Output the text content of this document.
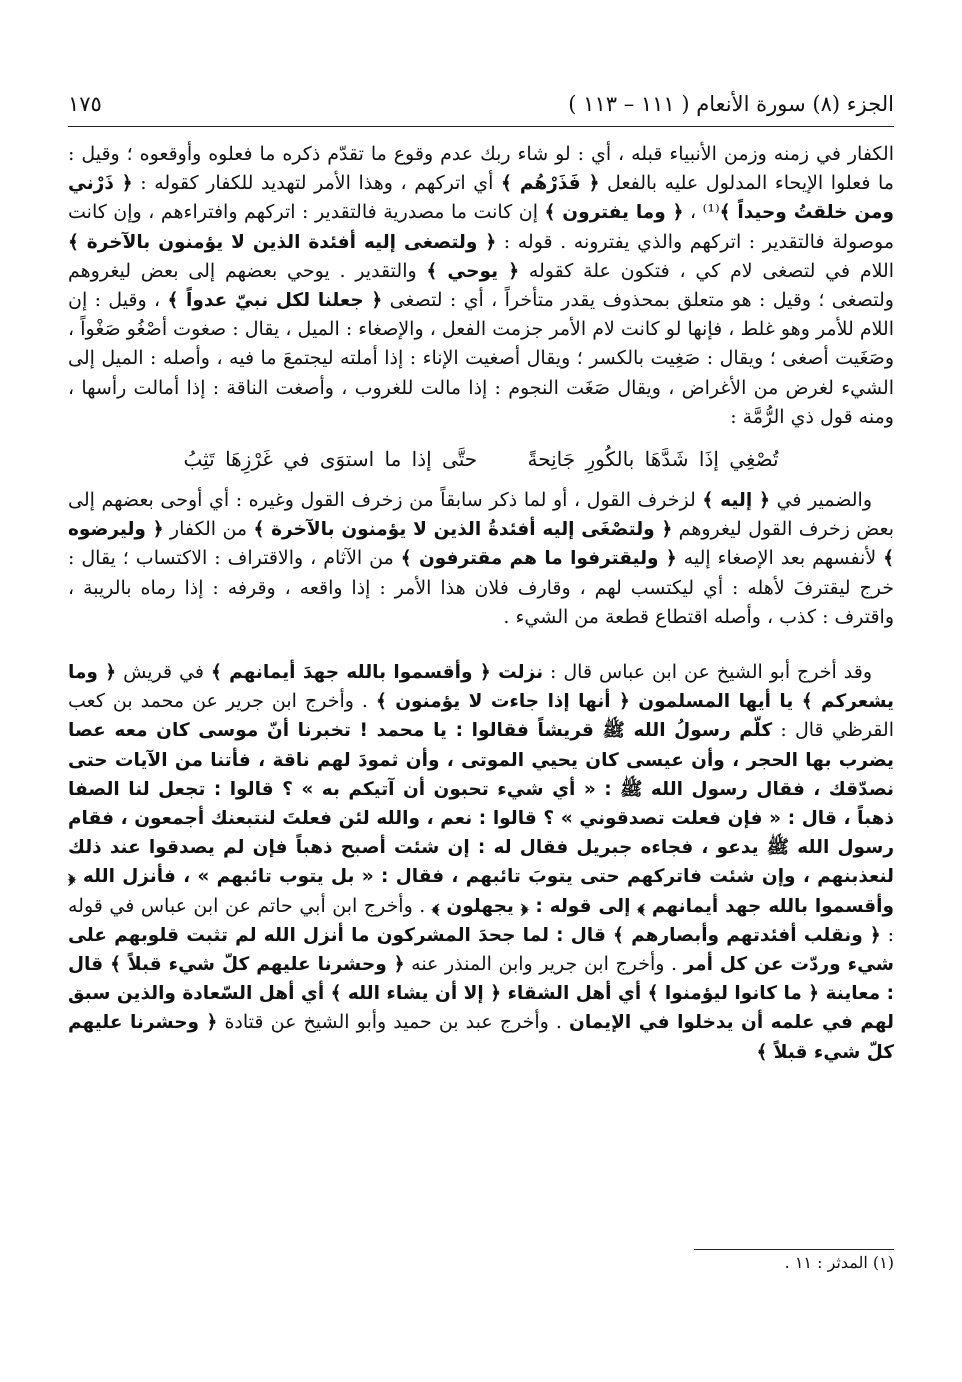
الجزء (٨) سورة الأنعام ( ١١١ – ١١٣ )
١٧٥

الكفار في زمنه وزمن الأنبياء قبله ، أي : لو شاء ربك عدم وقوع ما تقدّم ذكره ما فعلوه وأوقعوه ؛ وقيل : ما فعلوا الإيحاء المدلول عليه بالفعل ﴿ فَذَرْهُم ﴾ أي اتركهم ، وهذا الأمر لتهديد للكفار كقوله : ﴿ ذَرْني ومن خلقتُ وحيداً ﴾⁽¹⁾ ، ﴿ وما يفترون ﴾ إن كانت ما مصدرية فالتقدير : اتركهم وافتراءهم ، وإن كانت موصولة فالتقدير : اتركهم والذي يفترونه . قوله : ﴿ ولتصغى إليه أفئدة الذين لا يؤمنون بالآخرة ﴾ اللام في لتصغى لام كي ، فتكون علة كقوله ﴿ يوحي ﴾ والتقدير . يوحي بعضهم إلى بعض ليغروهم ولتصغى ؛ وقيل : هو متعلق بمحذوف يقدر متأخراً ، أي : لتصغى ﴿ جعلنا لكل نبيّ عدواً ﴾ ، وقيل : إن اللام للأمر وهو غلط ، فإنها لو كانت لام الأمر جزمت الفعل ، والإصغاء : الميل ، يقال : صغوت أصْغُو صَغْواً ، وصَغَيت أصغى ؛ ويقال : صَغِيت بالكسر ؛ ويقال أصغيت الإناء : إذا أملته ليجتمعَ ما فيه ، وأصله : الميل إلى الشيء لغرض من الأغراض ، ويقال صَغَت النجوم : إذا مالت للغروب ، وأصغت الناقة : إذا أمالت رأسها ، ومنه قول ذي الرُّمَّة :

تُصْغِي إذَا شَدَّهَا بالكُورِ جَانِحةً حتَّى إذا ما استوَى في غَرْزِهَا تَثِبُ

والضمير في ﴿ إليه ﴾ لزخرف القول ، أو لما ذكر سابقاً من زخرف القول وغيره : أي أوحى بعضهم إلى بعض زخرف القول ليغروهم ﴿ ولتصْغَى إليه أفئدةُ الذين لا يؤمنون بالآخرة ﴾ من الكفار ﴿ وليرضوه ﴾ لأنفسهم بعد الإصغاء إليه ﴿ وليقترفوا ما هم مقترفون ﴾ من الآثام ، والاقتراف : الاكتساب ؛ يقال : خرج ليقترفَ لأهله : أي ليكتسب لهم ، وقارف فلان هذا الأمر : إذا واقعه ، وقرفه : إذا رماه بالريبة ، واقترف : كذب ، وأصله اقتطاع قطعة من الشيء .

وقد أخرج أبو الشيخ عن ابن عباس قال : نزلت ﴿ وأقسموا بالله جهدَ أيمانهم ﴾ في قريش ﴿ وما يشعركم ﴾ يا أيها المسلمون ﴿ أنها إذا جاءت لا يؤمنون ﴾ . وأخرج ابن جرير عن محمد بن كعب القرظي قال : كلّم رسولُ الله ﷺ قريشاً فقالوا : يا محمد ! تخبرنا أنّ موسى كان معه عصا يضرب بها الحجر ، وأن عيسى كان يحيي الموتى ، وأن ثمودَ لهم ناقة ، فأتنا من الآيات حتى نصدّقك ، فقال رسول الله ﷺ : « أي شيء تحبون أن آتيكم به » ؟ قالوا : تجعل لنا الصفا ذهباً ، قال : « فإن فعلت تصدقوني » ؟ قالوا : نعم ، والله لئن فعلتَ لنتبعنك أجمعون ، فقام رسول الله ﷺ يدعو ، فجاءه جبريل فقال له : إن شئت أصبح ذهباً فإن لم يصدقوا عند ذلك لنعذبنهم ، وإن شئت فاتركهم حتى يتوبَ تائبهم ، فقال : « بل يتوب تائبهم » ، فأنزل الله ﴿ وأقسموا بالله جهد أيمانهم ﴾ إلى قوله : ﴿ يجهلون ﴾ . وأخرج ابن أبي حاتم عن ابن عباس في قوله : ﴿ ونقلب أفئدتهم وأبصارهم ﴾ قال : لما جحدَ المشركون ما أنزل الله لم تثبت قلوبهم على شيء وردّت عن كل أمر . وأخرج ابن جرير وابن المنذر عنه ﴿ وحشرنا عليهم كلّ شيء قبلاً ﴾ قال : معاينة ﴿ ما كانوا ليؤمنوا ﴾ أي أهل الشقاء ﴿ إلا أن يشاء الله ﴾ أي أهل السّعادة والذين سبق لهم في علمه أن يدخلوا في الإيمان . وأخرج عبد بن حميد وأبو الشيخ عن قتادة ﴿ وحشرنا عليهم كلّ شيء قبلاً ﴾

(١) المدثر : ١١ .
